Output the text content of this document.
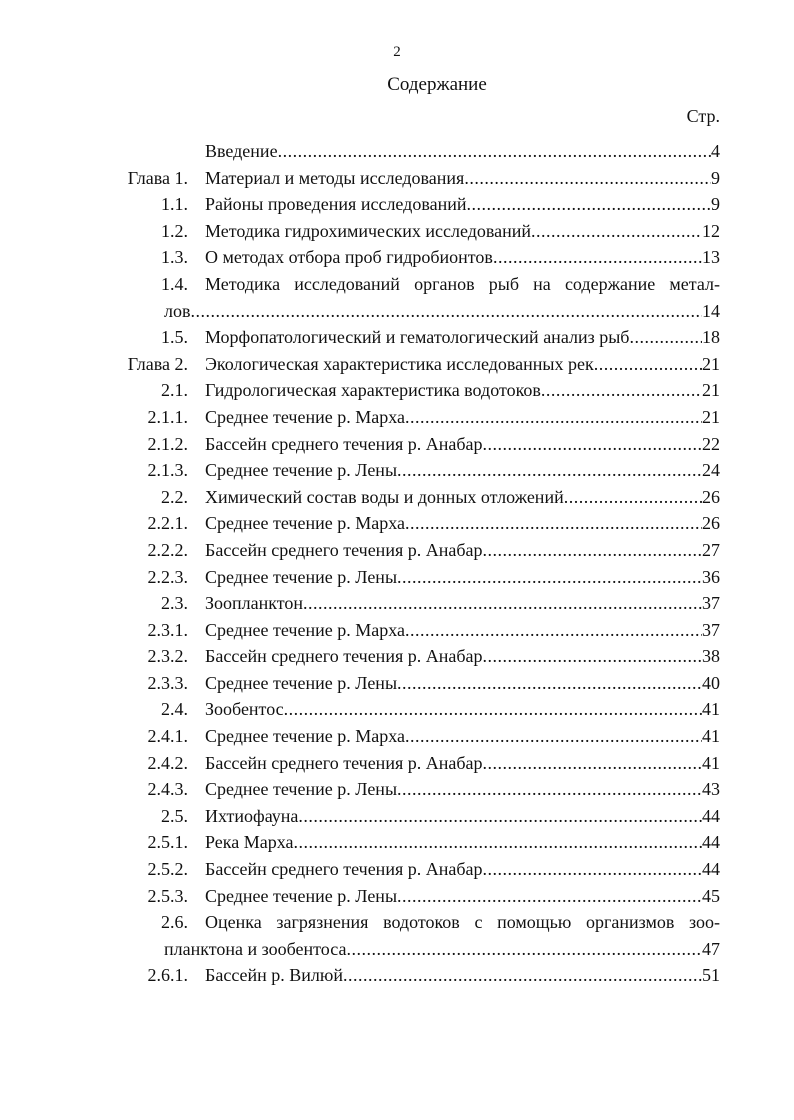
2
Содержание
Стр.
Введение .....	4
Глава 1. Материал и методы исследования .....	9
1.1. Районы проведения исследований .....	9
1.2. Методика гидрохимических исследований .....	12
1.3. О методах отбора проб гидробионтов .....	13
1.4. Методика исследований органов рыб на содержание метал-
лов .....	14
1.5. Морфопатологический и гематологический анализ рыб .....	18
Глава 2. Экологическая характеристика исследованных рек .....	21
2.1. Гидрологическая характеристика водотоков .....	21
2.1.1. Среднее течение р. Марха .....	21
2.1.2. Бассейн среднего течения р. Анабар .....	22
2.1.3. Среднее течение р. Лены .....	24
2.2. Химический состав воды и донных отложений .....	26
2.2.1. Среднее течение р. Марха .....	26
2.2.2. Бассейн среднего течения р. Анабар .....	27
2.2.3. Среднее течение р. Лены .....	36
2.3. Зоопланктон .....	37
2.3.1. Среднее течение р. Марха .....	37
2.3.2. Бассейн среднего течения р. Анабар .....	38
2.3.3. Среднее течение р. Лены .....	40
2.4. Зообентос .....	41
2.4.1. Среднее течение р. Марха .....	41
2.4.2. Бассейн среднего течения р. Анабар .....	41
2.4.3. Среднее течение р. Лены .....	43
2.5. Ихтиофауна .....	44
2.5.1. Река Марха .....	44
2.5.2. Бассейн среднего течения р. Анабар .....	44
2.5.3. Среднее течение р. Лены .....	45
2.6. Оценка загрязнения водотоков с помощью организмов зоо-
планктона и зообентоса .....	47
2.6.1. Бассейн р. Вилюй .....	51
